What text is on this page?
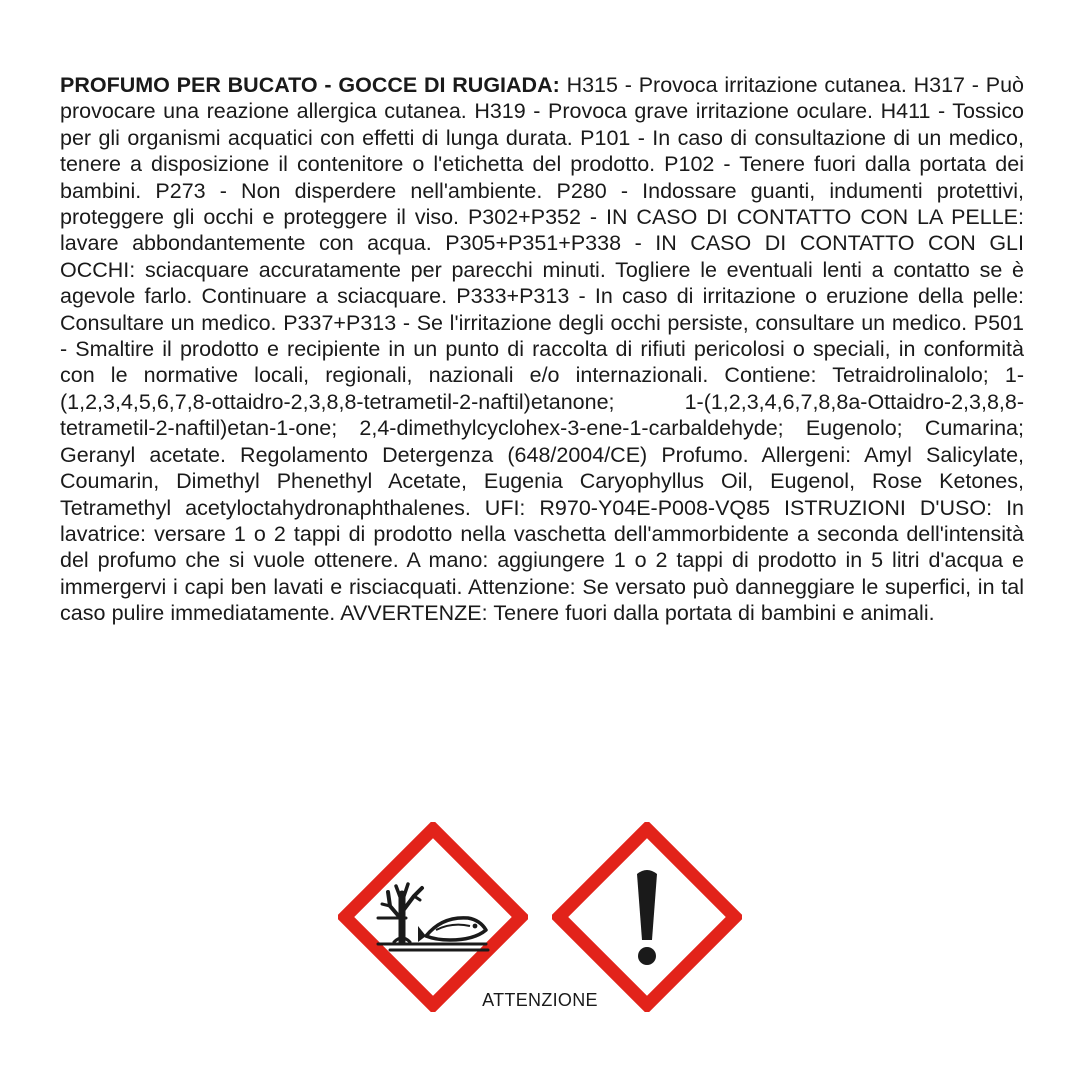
PROFUMO PER BUCATO - GOCCE DI RUGIADA: H315 - Provoca irritazione cutanea. H317 - Può provocare una reazione allergica cutanea. H319 - Provoca grave irritazione oculare. H411 - Tossico per gli organismi acquatici con effetti di lunga durata. P101 - In caso di consultazione di un medico, tenere a disposizione il contenitore o l'etichetta del prodotto. P102 - Tenere fuori dalla portata dei bambini. P273 - Non disperdere nell'ambiente. P280 - Indossare guanti, indumenti protettivi, proteggere gli occhi e proteggere il viso. P302+P352 - IN CASO DI CONTATTO CON LA PELLE: lavare abbondantemente con acqua. P305+P351+P338 - IN CASO DI CONTATTO CON GLI OCCHI: sciacquare accuratamente per parecchi minuti. Togliere le eventuali lenti a contatto se è agevole farlo. Continuare a sciacquare. P333+P313 - In caso di irritazione o eruzione della pelle: Consultare un medico. P337+P313 - Se l'irritazione degli occhi persiste, consultare un medico. P501 - Smaltire il prodotto e recipiente in un punto di raccolta di rifiuti pericolosi o speciali, in conformità con le normative locali, regionali, nazionali e/o internazionali. Contiene: Tetraidrolinalolo; 1-(1,2,3,4,5,6,7,8-ottaidro-2,3,8,8-tetrametil-2-naftil)etanone; 1-(1,2,3,4,6,7,8,8a-Ottaidro-2,3,8,8-tetrametil-2-naftil)etan-1-one; 2,4-dimethylcyclohex-3-ene-1-carbaldehyde; Eugenolo; Cumarina; Geranyl acetate. Regolamento Detergenza (648/2004/CE) Profumo. Allergeni: Amyl Salicylate, Coumarin, Dimethyl Phenethyl Acetate, Eugenia Caryophyllus Oil, Eugenol, Rose Ketones, Tetramethyl acetyloctahydronaphthalenes. UFI: R970-Y04E-P008-VQ85 ISTRUZIONI D'USO: In lavatrice: versare 1 o 2 tappi di prodotto nella vaschetta dell'ammorbidente a seconda dell'intensità del profumo che si vuole ottenere. A mano: aggiungere 1 o 2 tappi di prodotto in 5 litri d'acqua e immergervi i capi ben lavati e risciacquati. Attenzione: Se versato può danneggiare le superfici, in tal caso pulire immediatamente. AVVERTENZE: Tenere fuori dalla portata di bambini e animali.

ATTENZIONE
